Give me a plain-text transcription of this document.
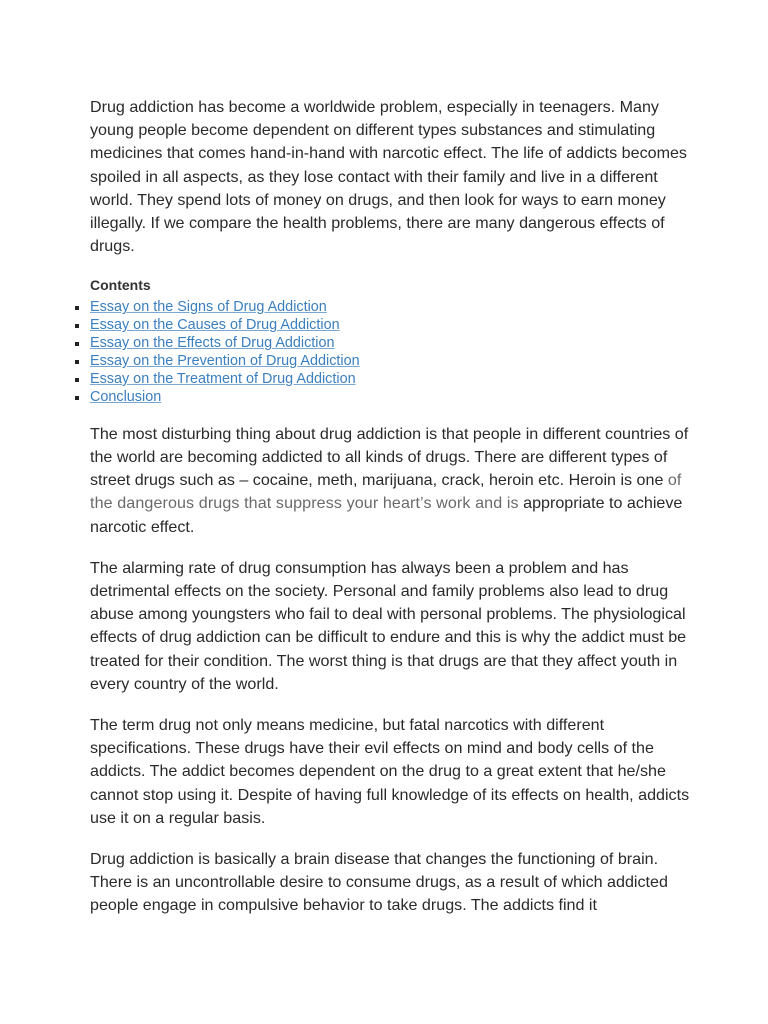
Drug addiction has become a worldwide problem, especially in teenagers. Many young people become dependent on different types substances and stimulating medicines that comes hand-in-hand with narcotic effect. The life of addicts becomes spoiled in all aspects, as they lose contact with their family and live in a different world. They spend lots of money on drugs, and then look for ways to earn money illegally. If we compare the health problems, there are many dangerous effects of drugs.

Contents

Essay on the Signs of Drug Addiction
Essay on the Causes of Drug Addiction
Essay on the Effects of Drug Addiction
Essay on the Prevention of Drug Addiction
Essay on the Treatment of Drug Addiction
Conclusion

The most disturbing thing about drug addiction is that people in different countries of the world are becoming addicted to all kinds of drugs. There are different types of street drugs such as – cocaine, meth, marijuana, crack, heroin etc. Heroin is one of the dangerous drugs that suppress your heart’s work and is appropriate to achieve narcotic effect.

The alarming rate of drug consumption has always been a problem and has detrimental effects on the society. Personal and family problems also lead to drug abuse among youngsters who fail to deal with personal problems. The physiological effects of drug addiction can be difficult to endure and this is why the addict must be treated for their condition. The worst thing is that drugs are that they affect youth in every country of the world.

The term drug not only means medicine, but fatal narcotics with different specifications. These drugs have their evil effects on mind and body cells of the addicts. The addict becomes dependent on the drug to a great extent that he/she cannot stop using it. Despite of having full knowledge of its effects on health, addicts use it on a regular basis.

Drug addiction is basically a brain disease that changes the functioning of brain. There is an uncontrollable desire to consume drugs, as a result of which addicted people engage in compulsive behavior to take drugs. The addicts find it
